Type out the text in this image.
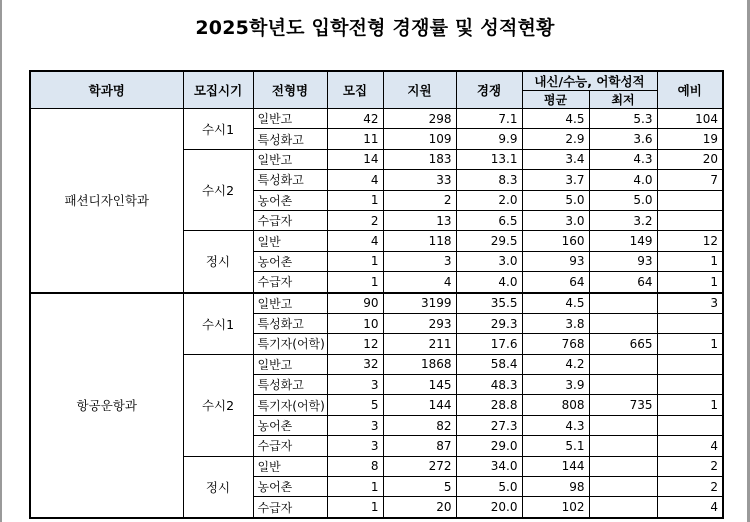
2025학년도 입학전형 경쟁률 및 성적현황
학과명	모집시기	전형명	모집	지원	경쟁	내신/수능, 어학성적		예비
						평균	최저	
패션디자인학과	수시1	일반고	42	298	7.1	4.5	5.3	104
		특성화고	11	109	9.9	2.9	3.6	19
	수시2	일반고	14	183	13.1	3.4	4.3	20
		특성화고	4	33	8.3	3.7	4.0	7
		농어촌	1	2	2.0	5.0	5.0	
		수급자	2	13	6.5	3.0	3.2	
	정시	일반	4	118	29.5	160	149	12
		농어촌	1	3	3.0	93	93	1
		수급자	1	4	4.0	64	64	1
항공운항과	수시1	일반고	90	3199	35.5	4.5		3
		특성화고	10	293	29.3	3.8		
		특기자(어학)	12	211	17.6	768	665	1
	수시2	일반고	32	1868	58.4	4.2		
		특성화고	3	145	48.3	3.9		
		특기자(어학)	5	144	28.8	808	735	1
		농어촌	3	82	27.3	4.3		
		수급자	3	87	29.0	5.1		4
	정시	일반	8	272	34.0	144		2
		농어촌	1	5	5.0	98		2
		수급자	1	20	20.0	102		4
